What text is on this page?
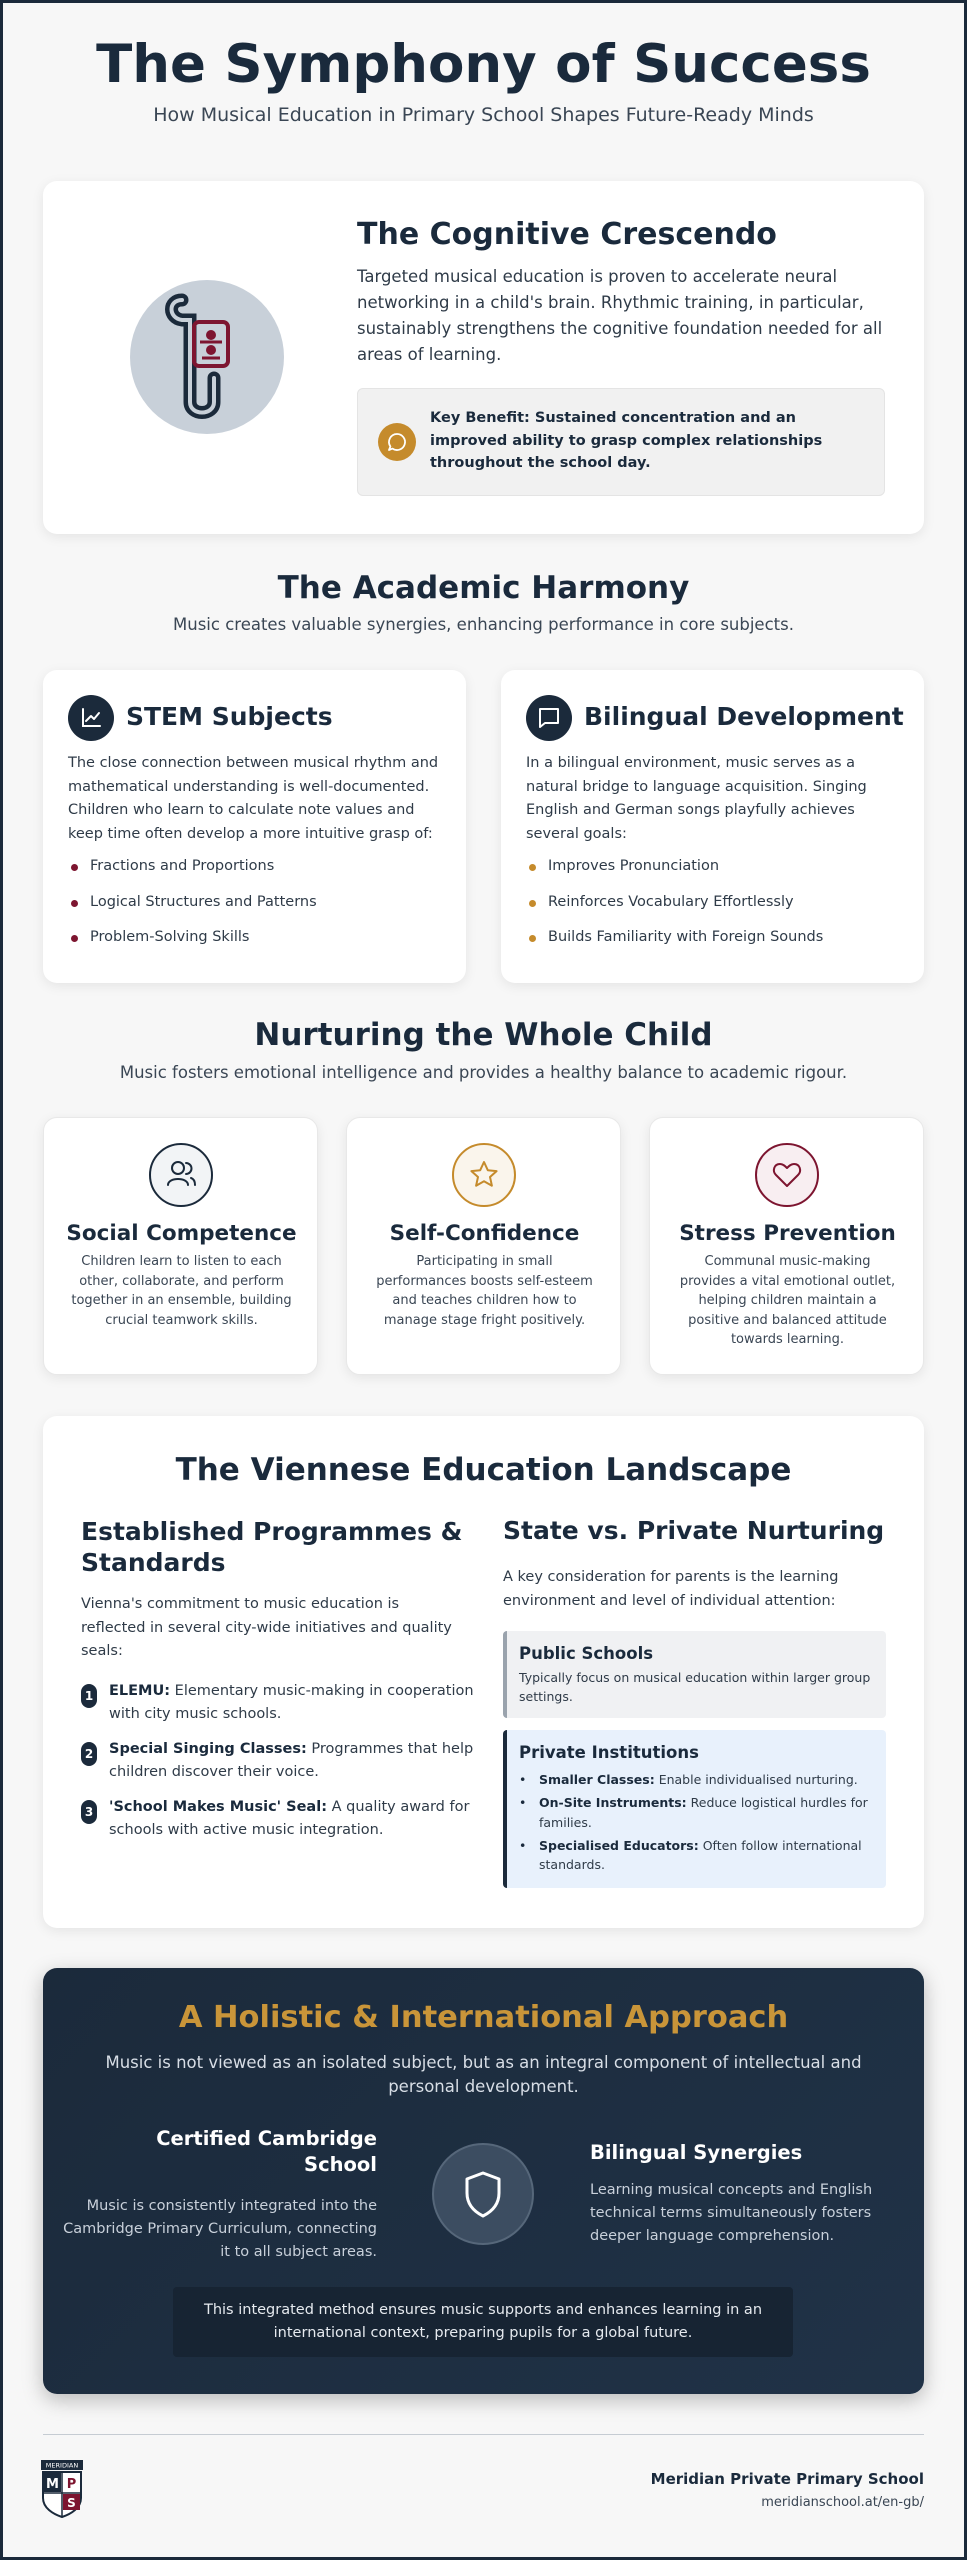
The Symphony of Success
How Musical Education in Primary School Shapes Future-Ready Minds
The Cognitive Crescendo

Targeted musical education is proven to accelerate neural networking in a child's brain. Rhythmic training, in particular, sustainably strengthens the cognitive foundation needed for all areas of learning.

Key Benefit: Sustained concentration and an improved ability to grasp complex relationships throughout the school day.

The Academic Harmony
Music creates valuable synergies, enhancing performance in core subjects.
STEM Subjects

The close connection between musical rhythm and mathematical understanding is well-documented. Children who learn to calculate note values and keep time often develop a more intuitive grasp of:

Fractions and Proportions
Logical Structures and Patterns
Problem-Solving Skills
Bilingual Development

In a bilingual environment, music serves as a natural bridge to language acquisition. Singing English and German songs playfully achieves several goals:

Improves Pronunciation
Reinforces Vocabulary Effortlessly
Builds Familiarity with Foreign Sounds
Nurturing the Whole Child
Music fosters emotional intelligence and provides a healthy balance to academic rigour.
Social Competence

Children learn to listen to each other, collaborate, and perform together in an ensemble, building crucial teamwork skills.

Self-Confidence

Participating in small performances boosts self-esteem and teaches children how to manage stage fright positively.

Stress Prevention

Communal music-making provides a vital emotional outlet, helping children maintain a positive and balanced attitude towards learning.

The Viennese Education Landscape
Established Programmes & Standards

Vienna's commitment to music education is reflected in several city-wide initiatives and quality seals:

1 ELEMU: Elementary music-making in cooperation with city music schools.
2 Special Singing Classes: Programmes that help children discover their voice.
3 'School Makes Music' Seal: A quality award for schools with active music integration.
State vs. Private Nurturing

A key consideration for parents is the learning environment and level of individual attention:

Public Schools
Typically focus on musical education within larger group settings.
Private Institutions
• Smaller Classes: Enable individualised nurturing.
• On-Site Instruments: Reduce logistical hurdles for families.
• Specialised Educators: Often follow international standards.
A Holistic & International Approach

Music is not viewed as an isolated subject, but as an integral component of intellectual and personal development.

Certified Cambridge School

Music is consistently integrated into the Cambridge Primary Curriculum, connecting it to all subject areas.

Bilingual Synergies

Learning musical concepts and English technical terms simultaneously fosters deeper language comprehension.

This integrated method ensures music supports and enhances learning in an international context, preparing pupils for a global future.
MERIDIAN
M P
S
Meridian Private Primary School
meridianschool.at/en-gb/
